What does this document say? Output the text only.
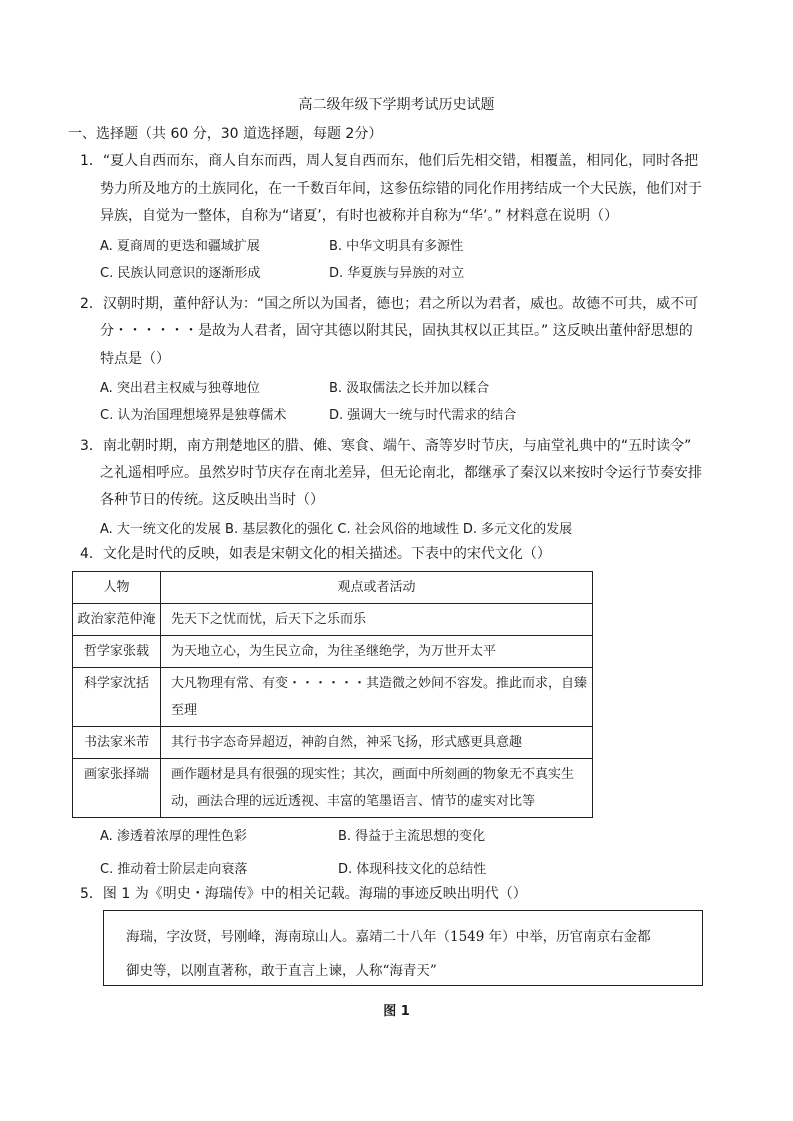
高二级年级下学期考试历史试题
一、选择题（共 60 分，30 道选择题，每题 2分）
1．“夏人自西而东，商人自东而西，周人复自西而东，他们后先相交错，相覆盖，相同化，同时各把
势力所及地方的土族同化，在一千数百年间，这参伍综错的同化作用拷结成一个大民族，他们对于
异族，自觉为一整体，自称为“诸夏’，有时也被称并自称为“华’。” 材料意在说明（）
A. 夏商周的更迭和疆域扩展	B. 中华文明具有多源性
C. 民族认同意识的逐渐形成	D. 华夏族与异族的对立
2．汉朝时期，董仲舒认为：“国之所以为国者，德也；君之所以为君者，威也。故德不可共，威不可
分・・・・・・是故为人君者，固守其德以附其民，固执其权以正其臣。” 这反映出董仲舒思想的
特点是（）
A. 突出君主权威与独尊地位	B. 汲取儒法之长并加以糅合
C. 认为治国理想境界是独尊儒术	D. 强调大一统与时代需求的结合
3．南北朝时期，南方荆楚地区的腊、傩、寒食、端午、斋等岁时节庆，与庙堂礼典中的“五时读令”
之礼遥相呼应。虽然岁时节庆存在南北差异，但无论南北，都继承了秦汉以来按时令运行节奏安排
各种节日的传统。这反映出当时（）
A. 大一统文化的发展 B. 基层教化的强化 C. 社会风俗的地域性 D. 多元文化的发展
4．文化是时代的反映，如表是宋朝文化的相关描述。下表中的宋代文化（）
人物	观点或者活动
政治家范仲淹	先天下之忧而忧，后天下之乐而乐
哲学家张载	为天地立心，为生民立命，为往圣继绝学，为万世开太平
科学家沈括	大凡物理有常、有变・・・・・・其造微之妙间不容发。推此而求，自臻至理
书法家米芾	其行书字态奇异超迈，神韵自然，神采飞扬，形式感更具意趣
画家张择端	画作题材是具有很强的现实性；其次，画面中所刻画的物象无不真实生动，画法合理的远近透视、丰富的笔墨语言、情节的虚实对比等
A. 渗透着浓厚的理性色彩	B. 得益于主流思想的变化
C. 推动着士阶层走向衰落	D. 体现科技文化的总结性
5．图 1 为《明史・海瑞传》中的相关记载。海瑞的事迹反映出明代（）
海瑞，字汝贤，号刚峰，海南琼山人。嘉靖二十八年（1549 年）中举，历官南京右金都
御史等，以刚直著称，敢于直言上谏，人称“海青天”
图 1
